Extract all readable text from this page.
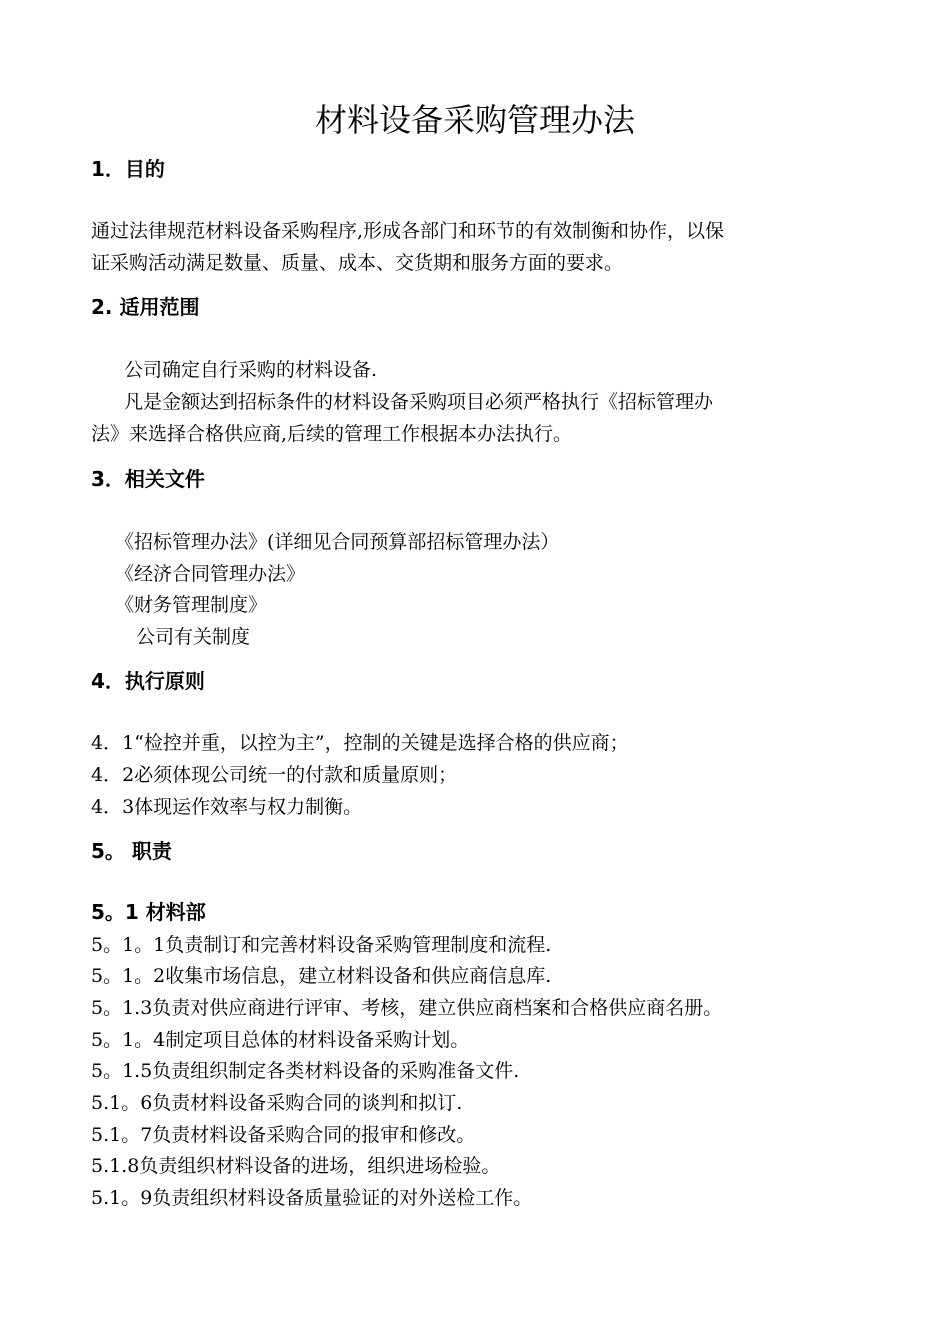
材料设备采购管理办法
1．目的
通过法律规范材料设备采购程序,形成各部门和环节的有效制衡和协作，以保
证采购活动满足数量、质量、成本、交货期和服务方面的要求。
2. 适用范围
公司确定自行采购的材料设备.
凡是金额达到招标条件的材料设备采购项目必须严格执行《招标管理办
法》来选择合格供应商,后续的管理工作根据本办法执行。
3．相关文件
《招标管理办法》(详细见合同预算部招标管理办法）
《经济合同管理办法》
《财务管理制度》
公司有关制度
4．执行原则
4．1“检控并重，以控为主”，控制的关键是选择合格的供应商；
4．2必须体现公司统一的付款和质量原则；
4．3体现运作效率与权力制衡。
5。 职责
5。1 材料部
5。1。1负责制订和完善材料设备采购管理制度和流程.
5。1。2收集市场信息，建立材料设备和供应商信息库.
5。1.3负责对供应商进行评审、考核，建立供应商档案和合格供应商名册。
5。1。4制定项目总体的材料设备采购计划。
5。1.5负责组织制定各类材料设备的采购准备文件.
5.1。6负责材料设备采购合同的谈判和拟订.
5.1。7负责材料设备采购合同的报审和修改。
5.1.8负责组织材料设备的进场，组织进场检验。
5.1。9负责组织材料设备质量验证的对外送检工作。
